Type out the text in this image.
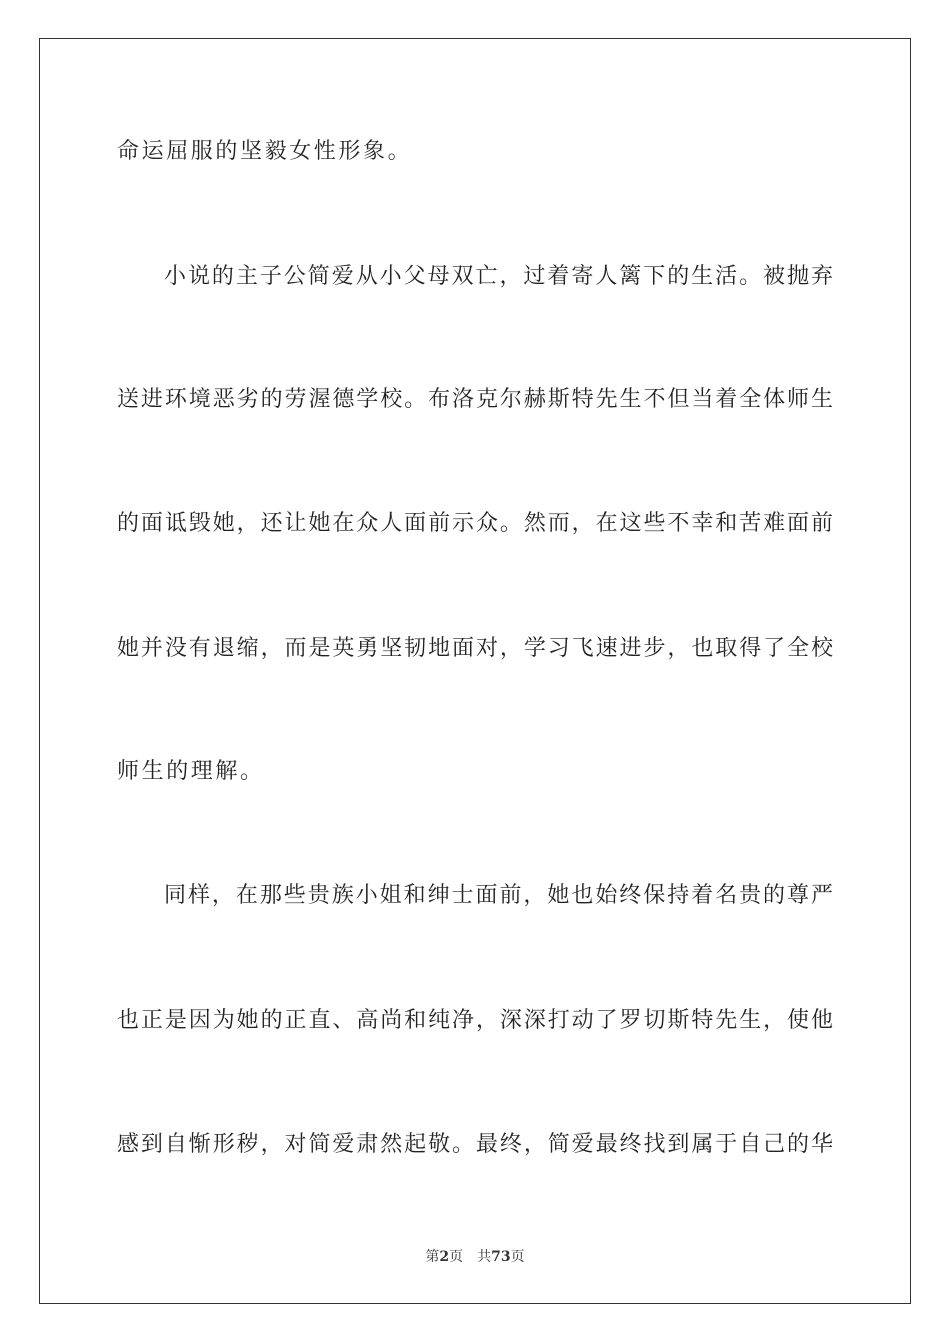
命运屈服的坚毅女性形象。
小说的主子公简爱从小父母双亡，过着寄人篱下的生活。被抛弃
送进环境恶劣的劳渥德学校。布洛克尔赫斯特先生不但当着全体师生
的面诋毁她，还让她在众人面前示众。然而，在这些不幸和苦难面前
她并没有退缩，而是英勇坚韧地面对，学习飞速进步，也取得了全校
师生的理解。
同样，在那些贵族小姐和绅士面前，她也始终保持着名贵的尊严
也正是因为她的正直、高尚和纯净，深深打动了罗切斯特先生，使他
感到自惭形秽，对简爱肃然起敬。最终，简爱最终找到属于自己的华
第2页 共73页
